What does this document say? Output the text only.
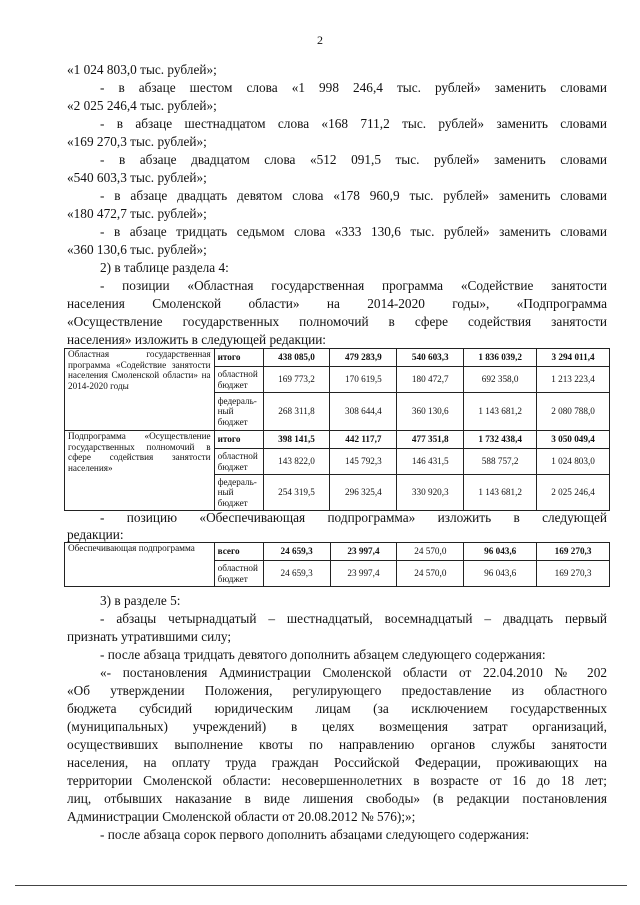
2
«1 024 803,0 тыс. рублей»;
- в абзаце шестом слова «1 998 246,4 тыс. рублей» заменить словами
«2 025 246,4 тыс. рублей»;
- в абзаце шестнадцатом слова «168 711,2 тыс. рублей» заменить словами
«169 270,3 тыс. рублей»;
- в абзаце двадцатом слова «512 091,5 тыс. рублей» заменить словами
«540 603,3 тыс. рублей»;
- в абзаце двадцать девятом слова «178 960,9 тыс. рублей» заменить словами
«180 472,7 тыс. рублей»;
- в абзаце тридцать седьмом слова «333 130,6 тыс. рублей» заменить словами
«360 130,6 тыс. рублей»;
2) в таблице раздела 4:
- позиции «Областная государственная программа «Содействие занятости
населения Смоленской области» на 2014-2020 годы», «Подпрограмма
«Осуществление государственных полномочий в сфере содействия занятости
населения» изложить в следующей редакции:
Областная государственная программа «Содействие занятости населения Смоленской области» на 2014-2020 годы	итого	438 085,0	479 283,9	540 603,3	1 836 039,2	3 294 011,4
	областной бюджет	169 773,2	170 619,5	180 472,7	692 358,0	1 213 223,4
	федераль-ный бюджет	268 311,8	308 644,4	360 130,6	1 143 681,2	2 080 788,0
Подпрограмма «Осуществление государственных полномочий в сфере содействия занятости населения»	итого	398 141,5	442 117,7	477 351,8	1 732 438,4	3 050 049,4
	областной бюджет	143 822,0	145 792,3	146 431,5	588 757,2	1 024 803,0
	федераль-ный бюджет	254 319,5	296 325,4	330 920,3	1 143 681,2	2 025 246,4
- позицию «Обеспечивающая подпрограмма» изложить в следующей
редакции:
Обеспечивающая подпрограмма	всего	24 659,3	23 997,4	24 570,0	96 043,6	169 270,3
	областной бюджет	24 659,3	23 997,4	24 570,0	96 043,6	169 270,3
3) в разделе 5:
- абзацы четырнадцатый – шестнадцатый, восемнадцатый – двадцать первый
признать утратившими силу;
- после абзаца тридцать девятого дополнить абзацем следующего содержания:
«- постановления Администрации Смоленской области от 22.04.2010 № 202
«Об утверждении Положения, регулирующего предоставление из областного
бюджета субсидий юридическим лицам (за исключением государственных
(муниципальных) учреждений) в целях возмещения затрат организаций,
осуществивших выполнение квоты по направлению органов службы занятости
населения, на оплату труда граждан Российской Федерации, проживающих на
территории Смоленской области: несовершеннолетних в возрасте от 16 до 18 лет;
лиц, отбывших наказание в виде лишения свободы» (в редакции постановления
Администрации Смоленской области от 20.08.2012 № 576);»;
- после абзаца сорок первого дополнить абзацами следующего содержания:
